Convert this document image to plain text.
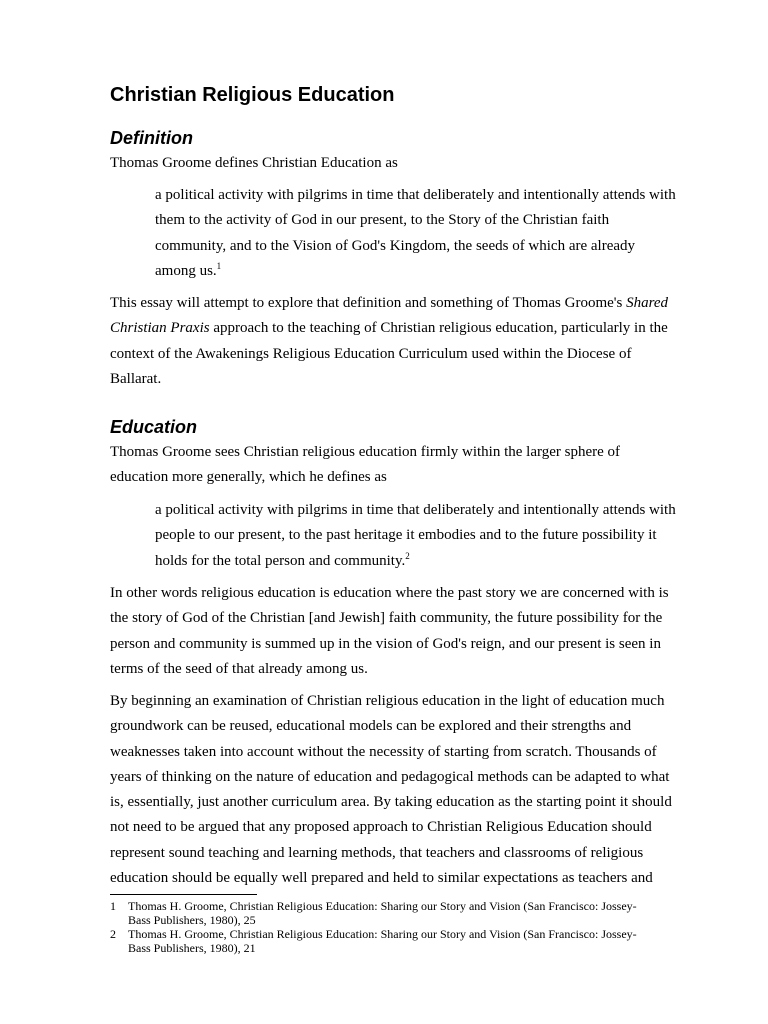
Christian Religious Education
Definition

Thomas Groome defines Christian Education as

a political activity with pilgrims in time that deliberately and intentionally attends with
them to the activity of God in our present, to the Story of the Christian faith
community, and to the Vision of God's Kingdom, the seeds of which are already
among us.$^1$

This essay will attempt to explore that definition and something of Thomas Groome's Shared
Christian Praxis approach to the teaching of Christian religious education, particularly in the
context of the Awakenings Religious Education Curriculum used within the Diocese of
Ballarat.

Education

Thomas Groome sees Christian religious education firmly within the larger sphere of
education more generally, which he defines as

a political activity with pilgrims in time that deliberately and intentionally attends with
people to our present, to the past heritage it embodies and to the future possibility it
holds for the total person and community.$^2$

In other words religious education is education where the past story we are concerned with is
the story of God of the Christian [and Jewish] faith community, the future possibility for the
person and community is summed up in the vision of God's reign, and our present is seen in
terms of the seed of that already among us.

By beginning an examination of Christian religious education in the light of education much
groundwork can be reused, educational models can be explored and their strengths and
weaknesses taken into account without the necessity of starting from scratch. Thousands of
years of thinking on the nature of education and pedagogical methods can be adapted to what
is, essentially, just another curriculum area. By taking education as the starting point it should
not need to be argued that any proposed approach to Christian Religious Education should
represent sound teaching and learning methods, that teachers and classrooms of religious
education should be equally well prepared and held to similar expectations as teachers and

1 Thomas H. Groome, Christian Religious Education: Sharing our Story and Vision (San Francisco: Jossey-
Bass Publishers, 1980), 25
2 Thomas H. Groome, Christian Religious Education: Sharing our Story and Vision (San Francisco: Jossey-
Bass Publishers, 1980), 21
